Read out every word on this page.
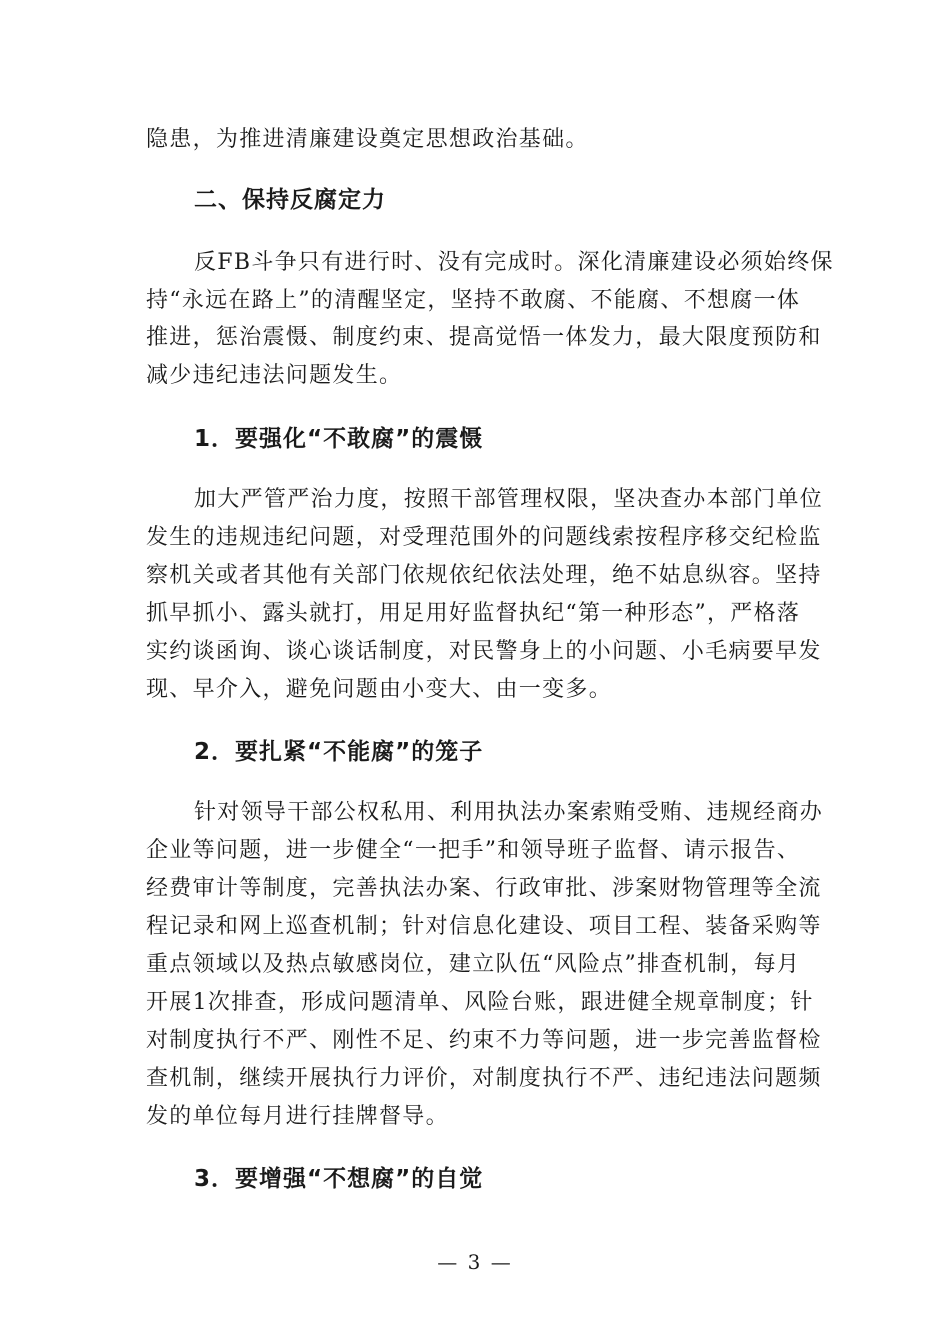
隐患，为推进清廉建设奠定思想政治基础。
二、保持反腐定力
反FB斗争只有进行时、没有完成时。深化清廉建设必须始终保
持“永远在路上”的清醒坚定，坚持不敢腐、不能腐、不想腐一体
推进，惩治震慑、制度约束、提高觉悟一体发力，最大限度预防和
减少违纪违法问题发生。
1．要强化“不敢腐”的震慑
加大严管严治力度，按照干部管理权限，坚决查办本部门单位
发生的违规违纪问题，对受理范围外的问题线索按程序移交纪检监
察机关或者其他有关部门依规依纪依法处理，绝不姑息纵容。坚持
抓早抓小、露头就打，用足用好监督执纪“第一种形态”，严格落
实约谈函询、谈心谈话制度，对民警身上的小问题、小毛病要早发
现、早介入，避免问题由小变大、由一变多。
2．要扎紧“不能腐”的笼子
针对领导干部公权私用、利用执法办案索贿受贿、违规经商办
企业等问题，进一步健全“一把手”和领导班子监督、请示报告、
经费审计等制度，完善执法办案、行政审批、涉案财物管理等全流
程记录和网上巡查机制；针对信息化建设、项目工程、装备采购等
重点领域以及热点敏感岗位，建立队伍“风险点”排查机制，每月
开展1次排查，形成问题清单、风险台账，跟进健全规章制度；针
对制度执行不严、刚性不足、约束不力等问题，进一步完善监督检
查机制，继续开展执行力评价，对制度执行不严、违纪违法问题频
发的单位每月进行挂牌督导。
3．要增强“不想腐”的自觉
— 3 —
